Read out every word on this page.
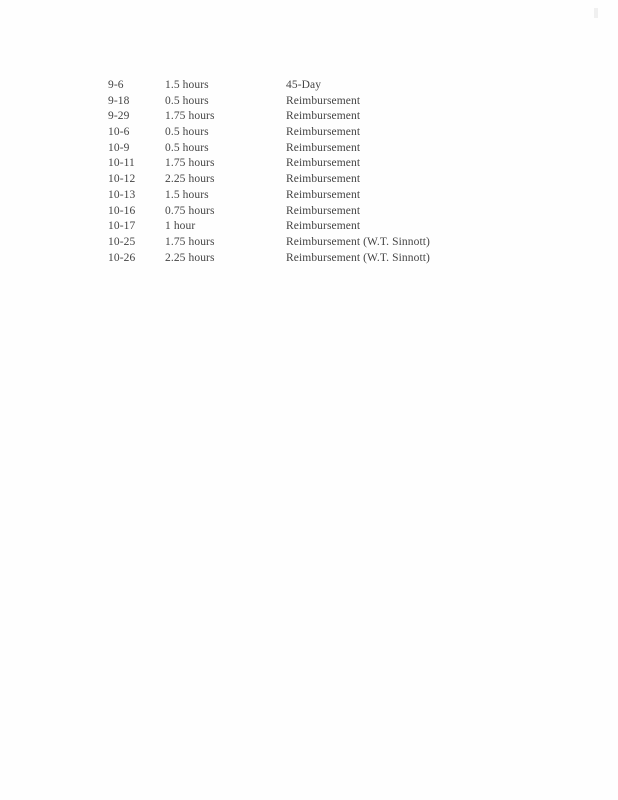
9-6	1.5 hours	45-Day
9-18	0.5 hours	Reimbursement
9-29	1.75 hours	Reimbursement
10-6	0.5 hours	Reimbursement
10-9	0.5 hours	Reimbursement
10-11	1.75 hours	Reimbursement
10-12	2.25 hours	Reimbursement
10-13	1.5 hours	Reimbursement
10-16	0.75 hours	Reimbursement
10-17	1 hour	Reimbursement
10-25	1.75 hours	Reimbursement (W.T. Sinnott)
10-26	2.25 hours	Reimbursement (W.T. Sinnott)
